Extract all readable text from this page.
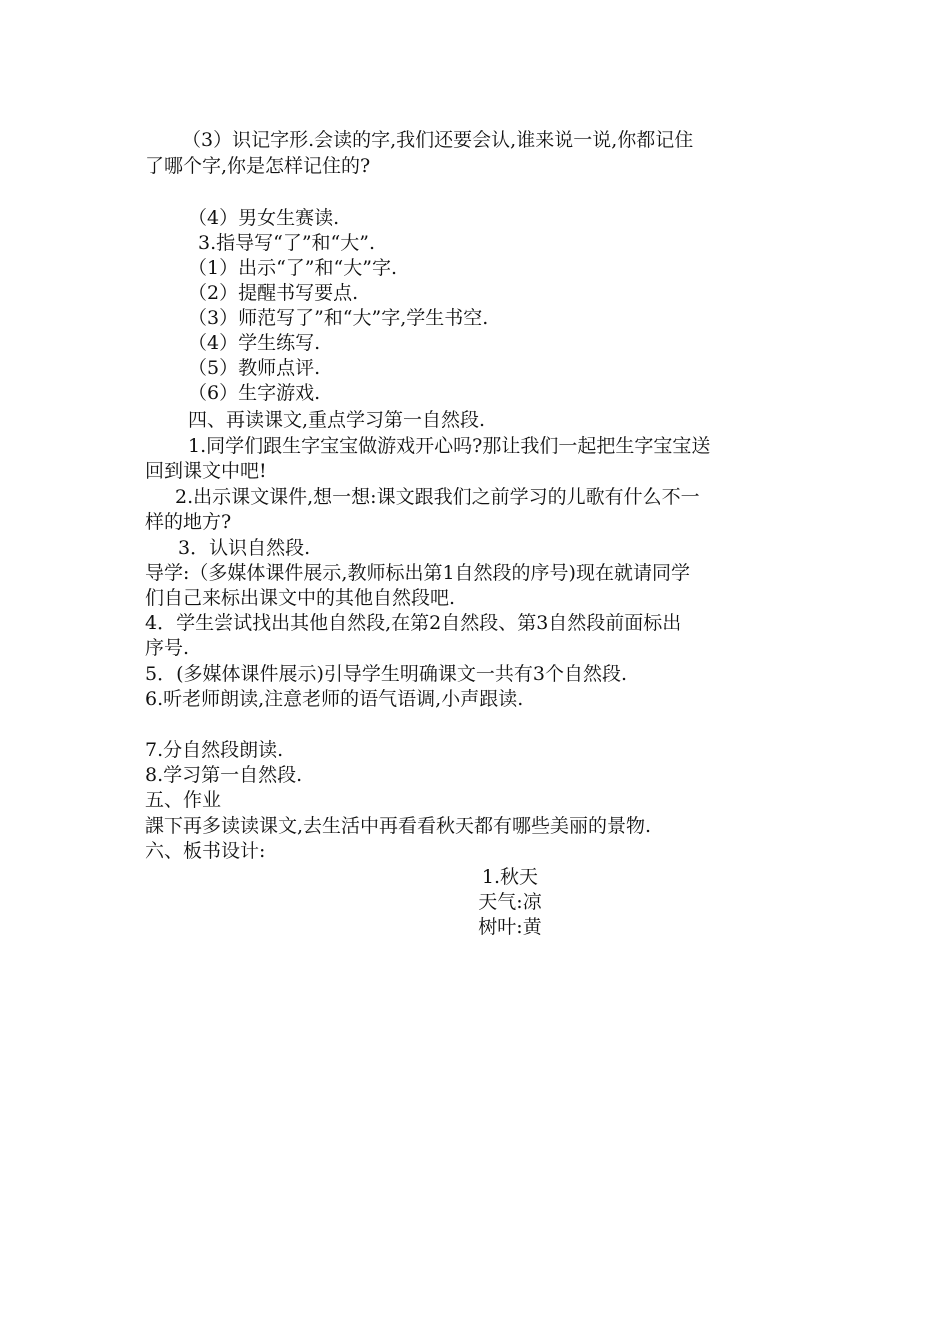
（3）识记字形.会读的字,我们还要会认,谁来说一说,你都记住
了哪个字,你是怎样记住的?
（4）男女生赛读.
3.指导写“了”和“大”.
（1）出示“了”和“大”字.
（2）提醒书写要点.
（3）师范写了”和“大”字,学生书空.
（4）学生练写.
（5）教师点评.
（6）生字游戏.
四、再读课文,重点学习第一自然段.
1.同学们跟生字宝宝做游戏开心吗?那让我们一起把生字宝宝送
回到课文中吧!
2.出示课文课件,想一想:课文跟我们之前学习的儿歌有什么不一
样的地方?
3．认识自然段.
导学:（多媒体课件展示,教师标出第1自然段的序号)现在就请同学
们自己来标出课文中的其他自然段吧.
4．学生尝试找出其他自然段,在第2自然段、第3自然段前面标出
序号.
5．(多媒体课件展示)引导学生明确课文一共有3个自然段.
6.听老师朗读,注意老师的语气语调,小声跟读.
7.分自然段朗读.
8.学习第一自然段.
五、作业
課下再多读读课文,去生活中再看看秋天都有哪些美丽的景物.
六、板书设计:
1.秋天
天气:凉
树叶:黄
